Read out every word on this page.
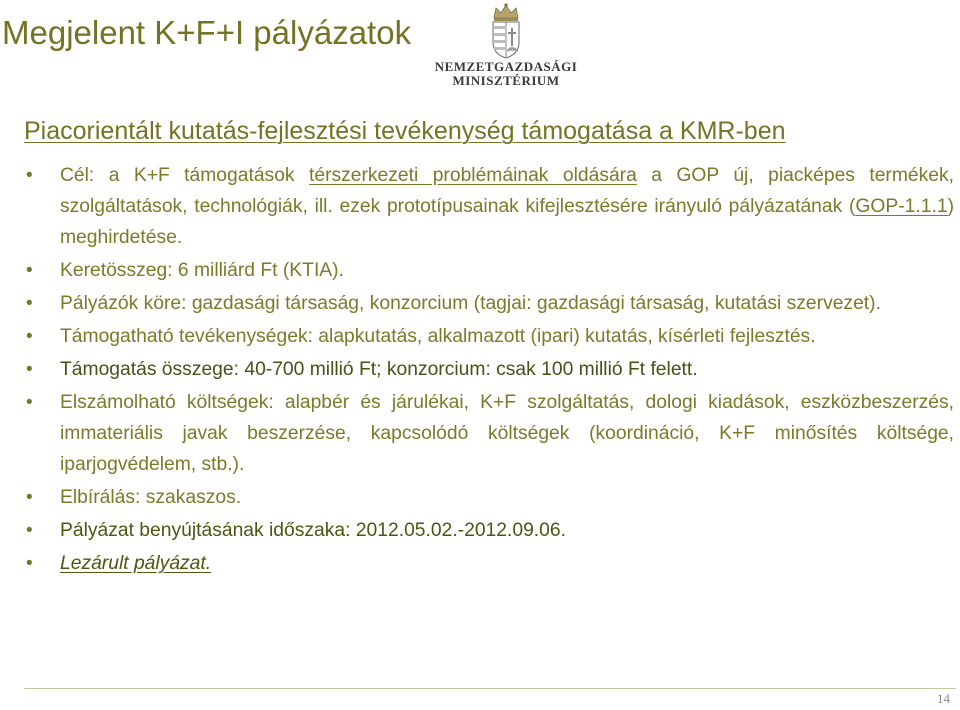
Megjelent K+F+I pályázatok
NEMZETGAZDASÁGI
MINISZTÉRIUM
Piacorientált kutatás-fejlesztési tevékenység támogatása a KMR-ben
• Cél: a K+F támogatások térszerkezeti problémáinak oldására a GOP új, piacképes termékek, szolgáltatások, technológiák, ill. ezek prototípusainak kifejlesztésére irányuló pályázatának (GOP-1.1.1) meghirdetése.
• Keretösszeg: 6 milliárd Ft (KTIA).
• Pályázók köre: gazdasági társaság, konzorcium (tagjai: gazdasági társaság, kutatási szervezet).
• Támogatható tevékenységek: alapkutatás, alkalmazott (ipari) kutatás, kísérleti fejlesztés.
• Támogatás összege: 40-700 millió Ft; konzorcium: csak 100 millió Ft felett.
• Elszámolható költségek: alapbér és járulékai, K+F szolgáltatás, dologi kiadások, eszközbeszerzés, immateriális javak beszerzése, kapcsolódó költségek (koordináció, K+F minősítés költsége, iparjogvédelem, stb.).
• Elbírálás: szakaszos.
• Pályázat benyújtásának időszaka: 2012.05.02.-2012.09.06.
• Lezárult pályázat.
14
